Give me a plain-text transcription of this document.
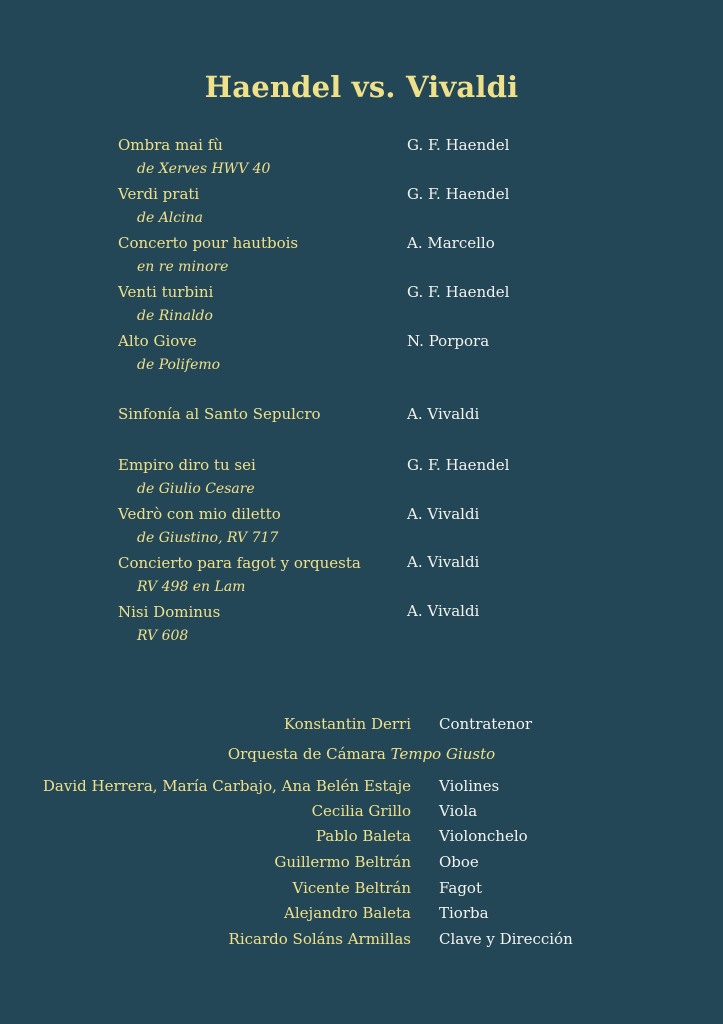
Haendel vs. Vivaldi
Ombra mai fù	G. F. Haendel
de Xerves HWV 40
Verdi prati	G. F. Haendel
de Alcina
Concerto pour hautbois	A. Marcello
en re minore
Venti turbini	G. F. Haendel
de Rinaldo
Alto Giove	N. Porpora
de Polifemo
Sinfonía al Santo Sepulcro	A. Vivaldi
Empiro diro tu sei	G. F. Haendel
de Giulio Cesare
Vedrò con mio diletto	A. Vivaldi
de Giustino, RV 717
Concierto para fagot y orquesta	A. Vivaldi
RV 498 en Lam
Nisi Dominus	A. Vivaldi
RV 608
Konstantin Derri Contratenor
Orquesta de Cámara Tempo Giusto
David Herrera, María Carbajo, Ana Belén Estaje Violines
Cecilia Grillo Viola
Pablo Baleta Violonchelo
Guillermo Beltrán Oboe
Vicente Beltrán Fagot
Alejandro Baleta Tiorba
Ricardo Soláns Armillas Clave y Dirección
